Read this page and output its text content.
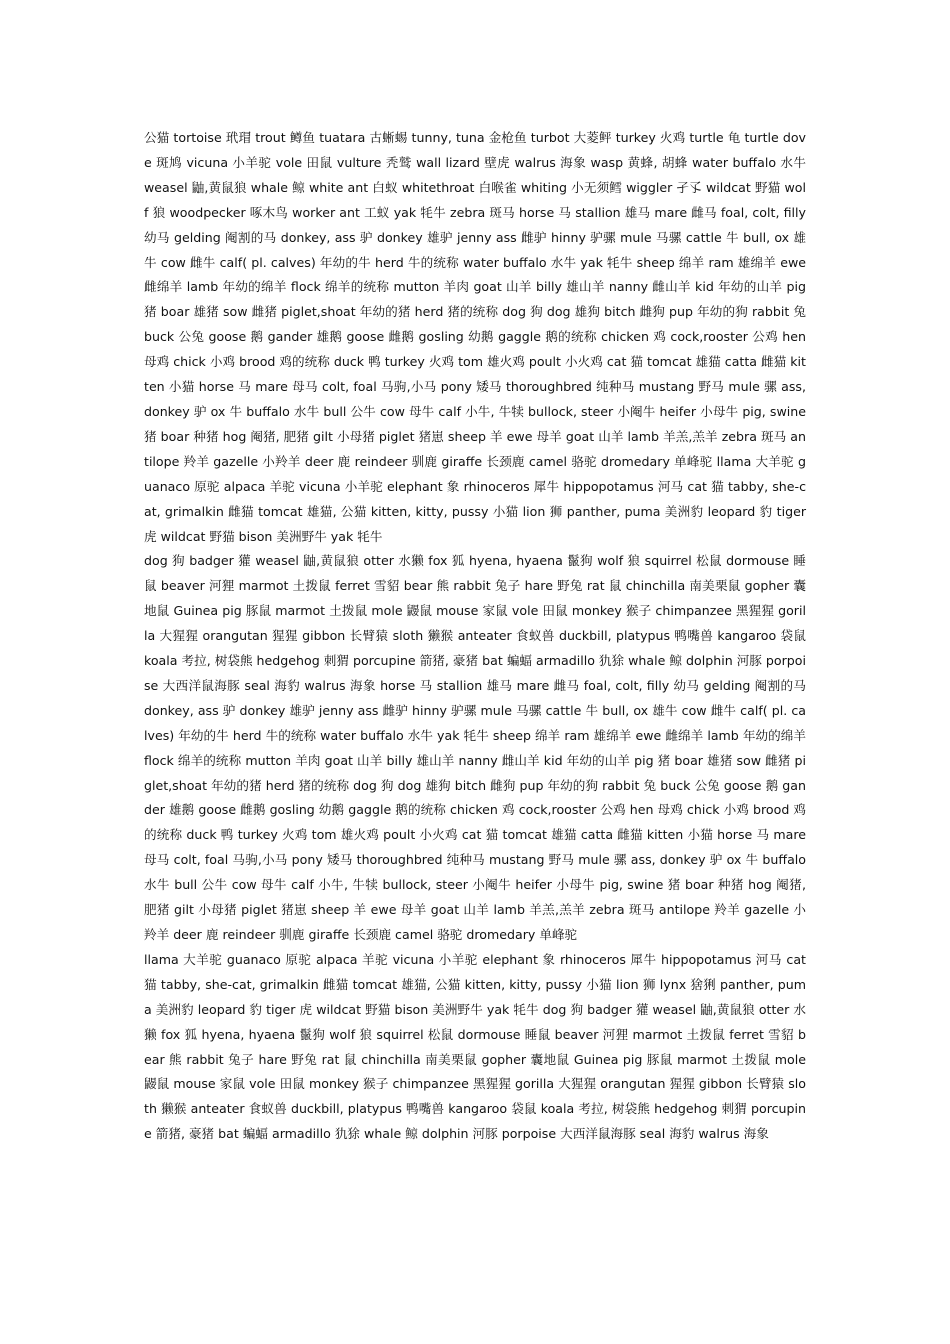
公猫 tortoise 玳瑁 trout 鳟鱼 tuatara 古蜥蜴 tunny, tuna 金枪鱼 turbot 大菱鲆 turkey 火鸡 turtle 龟 turtle dove 斑鸠 vicuna 小羊驼 vole 田鼠 vulture 秃鹫 wall lizard 壁虎 walrus 海象 wasp 黄蜂, 胡蜂 water buffalo 水牛 weasel 鼬,黄鼠狼 whale 鲸 white ant 白蚁 whitethroat 白喉雀 whiting 小无须鳕 wiggler 孑孓 wildcat 野猫 wolf 狼 woodpecker 啄木鸟 worker ant 工蚁 yak 牦牛 zebra 斑马 horse 马 stallion 雄马 mare 雌马 foal, colt, filly 幼马 gelding 阉割的马 donkey, ass 驴 donkey 雄驴 jenny ass 雌驴 hinny 驴骡 mule 马骡 cattle 牛 bull, ox 雄牛 cow 雌牛 calf( pl. calves) 年幼的牛 herd 牛的统称 water buffalo 水牛 yak 牦牛 sheep 绵羊 ram 雄绵羊 ewe 雌绵羊 lamb 年幼的绵羊 flock 绵羊的统称 mutton 羊肉 goat 山羊 billy 雄山羊 nanny 雌山羊 kid 年幼的山羊 pig 猪 boar 雄猪 sow 雌猪 piglet,shoat 年幼的猪 herd 猪的统称 dog 狗 dog 雄狗 bitch 雌狗 pup 年幼的狗 rabbit 兔 buck 公兔 goose 鹅 gander 雄鹅 goose 雌鹅 gosling 幼鹅 gaggle 鹅的统称 chicken 鸡 cock,rooster 公鸡 hen 母鸡 chick 小鸡 brood 鸡的统称 duck 鸭 turkey 火鸡 tom 雄火鸡 poult 小火鸡 cat 猫 tomcat 雄猫 catta 雌猫 kitten 小猫 horse 马 mare 母马 colt, foal 马驹,小马 pony 矮马 thoroughbred 纯种马 mustang 野马 mule 骡 ass, donkey 驴 ox 牛 buffalo 水牛 bull 公牛 cow 母牛 calf 小牛, 牛犊 bullock, steer 小阉牛 heifer 小母牛 pig, swine 猪 boar 种猪 hog 阉猪, 肥猪 gilt 小母猪 piglet 猪崽 sheep 羊 ewe 母羊 goat 山羊 lamb 羊羔,羔羊 zebra 斑马 antilope 羚羊 gazelle 小羚羊 deer 鹿 reindeer 驯鹿 giraffe 长颈鹿 camel 骆驼 dromedary 单峰驼 llama 大羊驼 guanaco 原驼 alpaca 羊驼 vicuna 小羊驼 elephant 象 rhinoceros 犀牛 hippopotamus 河马 cat 猫 tabby, she-cat, grimalkin 雌猫 tomcat 雄猫, 公猫 kitten, kitty, pussy 小猫 lion 狮 panther, puma 美洲豹 leopard 豹 tiger 虎 wildcat 野猫 bison 美洲野牛 yak 牦牛

dog 狗 badger 獾 weasel 鼬,黄鼠狼 otter 水獭 fox 狐 hyena, hyaena 鬣狗 wolf 狼 squirrel 松鼠 dormouse 睡鼠 beaver 河狸 marmot 土拨鼠 ferret 雪貂 bear 熊 rabbit 兔子 hare 野兔 rat 鼠 chinchilla 南美栗鼠 gopher 囊地鼠 Guinea pig 豚鼠 marmot 土拨鼠 mole 鼹鼠 mouse 家鼠 vole 田鼠 monkey 猴子 chimpanzee 黑猩猩 gorilla 大猩猩 orangutan 猩猩 gibbon 长臂猿 sloth 獭猴 anteater 食蚁兽 duckbill, platypus 鸭嘴兽 kangaroo 袋鼠 koala 考拉, 树袋熊 hedgehog 刺猬 porcupine 箭猪, 豪猪 bat 蝙蝠 armadillo 犰狳 whale 鲸 dolphin 河豚 porpoise 大西洋鼠海豚 seal 海豹 walrus 海象 horse 马 stallion 雄马 mare 雌马 foal, colt, filly 幼马 gelding 阉割的马 donkey, ass 驴 donkey 雄驴 jenny ass 雌驴 hinny 驴骡 mule 马骡 cattle 牛 bull, ox 雄牛 cow 雌牛 calf( pl. calves) 年幼的牛 herd 牛的统称 water buffalo 水牛 yak 牦牛 sheep 绵羊 ram 雄绵羊 ewe 雌绵羊 lamb 年幼的绵羊 flock 绵羊的统称 mutton 羊肉 goat 山羊 billy 雄山羊 nanny 雌山羊 kid 年幼的山羊 pig 猪 boar 雄猪 sow 雌猪 piglet,shoat 年幼的猪 herd 猪的统称 dog 狗 dog 雄狗 bitch 雌狗 pup 年幼的狗 rabbit 兔 buck 公兔 goose 鹅 gander 雄鹅 goose 雌鹅 gosling 幼鹅 gaggle 鹅的统称 chicken 鸡 cock,rooster 公鸡 hen 母鸡 chick 小鸡 brood 鸡的统称 duck 鸭 turkey 火鸡 tom 雄火鸡 poult 小火鸡 cat 猫 tomcat 雄猫 catta 雌猫 kitten 小猫 horse 马 mare 母马 colt, foal 马驹,小马 pony 矮马 thoroughbred 纯种马 mustang 野马 mule 骡 ass, donkey 驴 ox 牛 buffalo 水牛 bull 公牛 cow 母牛 calf 小牛, 牛犊 bullock, steer 小阉牛 heifer 小母牛 pig, swine 猪 boar 种猪 hog 阉猪, 肥猪 gilt 小母猪 piglet 猪崽 sheep 羊 ewe 母羊 goat 山羊 lamb 羊羔,羔羊 zebra 斑马 antilope 羚羊 gazelle 小羚羊 deer 鹿 reindeer 驯鹿 giraffe 长颈鹿 camel 骆驼 dromedary 单峰驼

llama 大羊驼 guanaco 原驼 alpaca 羊驼 vicuna 小羊驼 elephant 象 rhinoceros 犀牛 hippopotamus 河马 cat 猫 tabby, she-cat, grimalkin 雌猫 tomcat 雄猫, 公猫 kitten, kitty, pussy 小猫 lion 狮 lynx 猞猁 panther, puma 美洲豹 leopard 豹 tiger 虎 wildcat 野猫 bison 美洲野牛 yak 牦牛 dog 狗 badger 獾 weasel 鼬,黄鼠狼 otter 水獭 fox 狐 hyena, hyaena 鬣狗 wolf 狼 squirrel 松鼠 dormouse 睡鼠 beaver 河狸 marmot 土拨鼠 ferret 雪貂 bear 熊 rabbit 兔子 hare 野兔 rat 鼠 chinchilla 南美栗鼠 gopher 囊地鼠 Guinea pig 豚鼠 marmot 土拨鼠 mole 鼹鼠 mouse 家鼠 vole 田鼠 monkey 猴子 chimpanzee 黑猩猩 gorilla 大猩猩 orangutan 猩猩 gibbon 长臂猿 sloth 獭猴 anteater 食蚁兽 duckbill, platypus 鸭嘴兽 kangaroo 袋鼠 koala 考拉, 树袋熊 hedgehog 刺猬 porcupine 箭猪, 豪猪 bat 蝙蝠 armadillo 犰狳 whale 鲸 dolphin 河豚 porpoise 大西洋鼠海豚 seal 海豹 walrus 海象
